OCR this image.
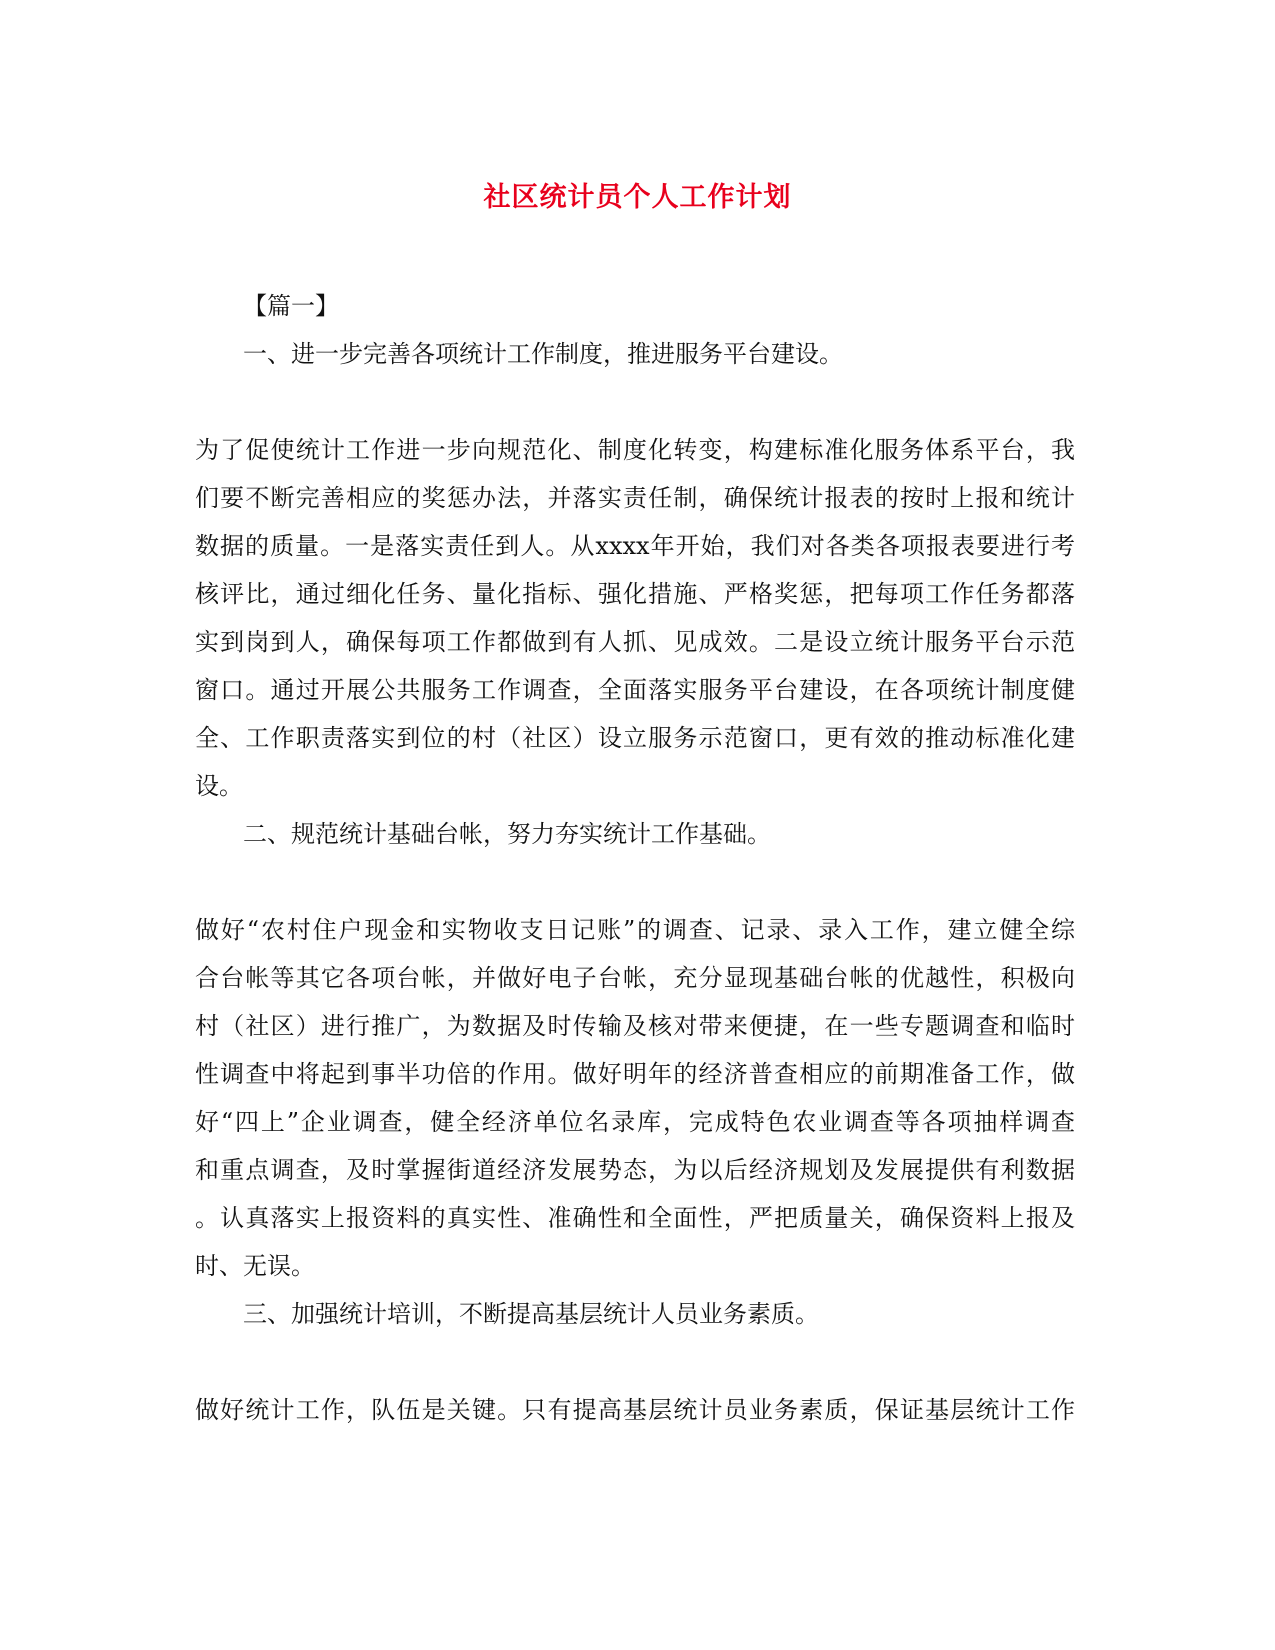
社区统计员个人工作计划
【篇一】
一、进一步完善各项统计工作制度，推进服务平台建设。
为了促使统计工作进一步向规范化、制度化转变，构建标准化服务体系平台，我
们要不断完善相应的奖惩办法，并落实责任制，确保统计报表的按时上报和统计
数据的质量。一是落实责任到人。从xxxx年开始，我们对各类各项报表要进行考
核评比，通过细化任务、量化指标、强化措施、严格奖惩，把每项工作任务都落
实到岗到人，确保每项工作都做到有人抓、见成效。二是设立统计服务平台示范
窗口。通过开展公共服务工作调查，全面落实服务平台建设，在各项统计制度健
全、工作职责落实到位的村（社区）设立服务示范窗口，更有效的推动标准化建
设。
二、规范统计基础台帐，努力夯实统计工作基础。
做好“农村住户现金和实物收支日记账”的调查、记录、录入工作，建立健全综
合台帐等其它各项台帐，并做好电子台帐，充分显现基础台帐的优越性，积极向
村（社区）进行推广，为数据及时传输及核对带来便捷，在一些专题调查和临时
性调查中将起到事半功倍的作用。做好明年的经济普查相应的前期准备工作，做
好“四上”企业调查，健全经济单位名录库，完成特色农业调查等各项抽样调查
和重点调查，及时掌握街道经济发展势态，为以后经济规划及发展提供有利数据
。认真落实上报资料的真实性、准确性和全面性，严把质量关，确保资料上报及
时、无误。
三、加强统计培训，不断提高基层统计人员业务素质。
做好统计工作，队伍是关键。只有提高基层统计员业务素质，保证基层统计工作
